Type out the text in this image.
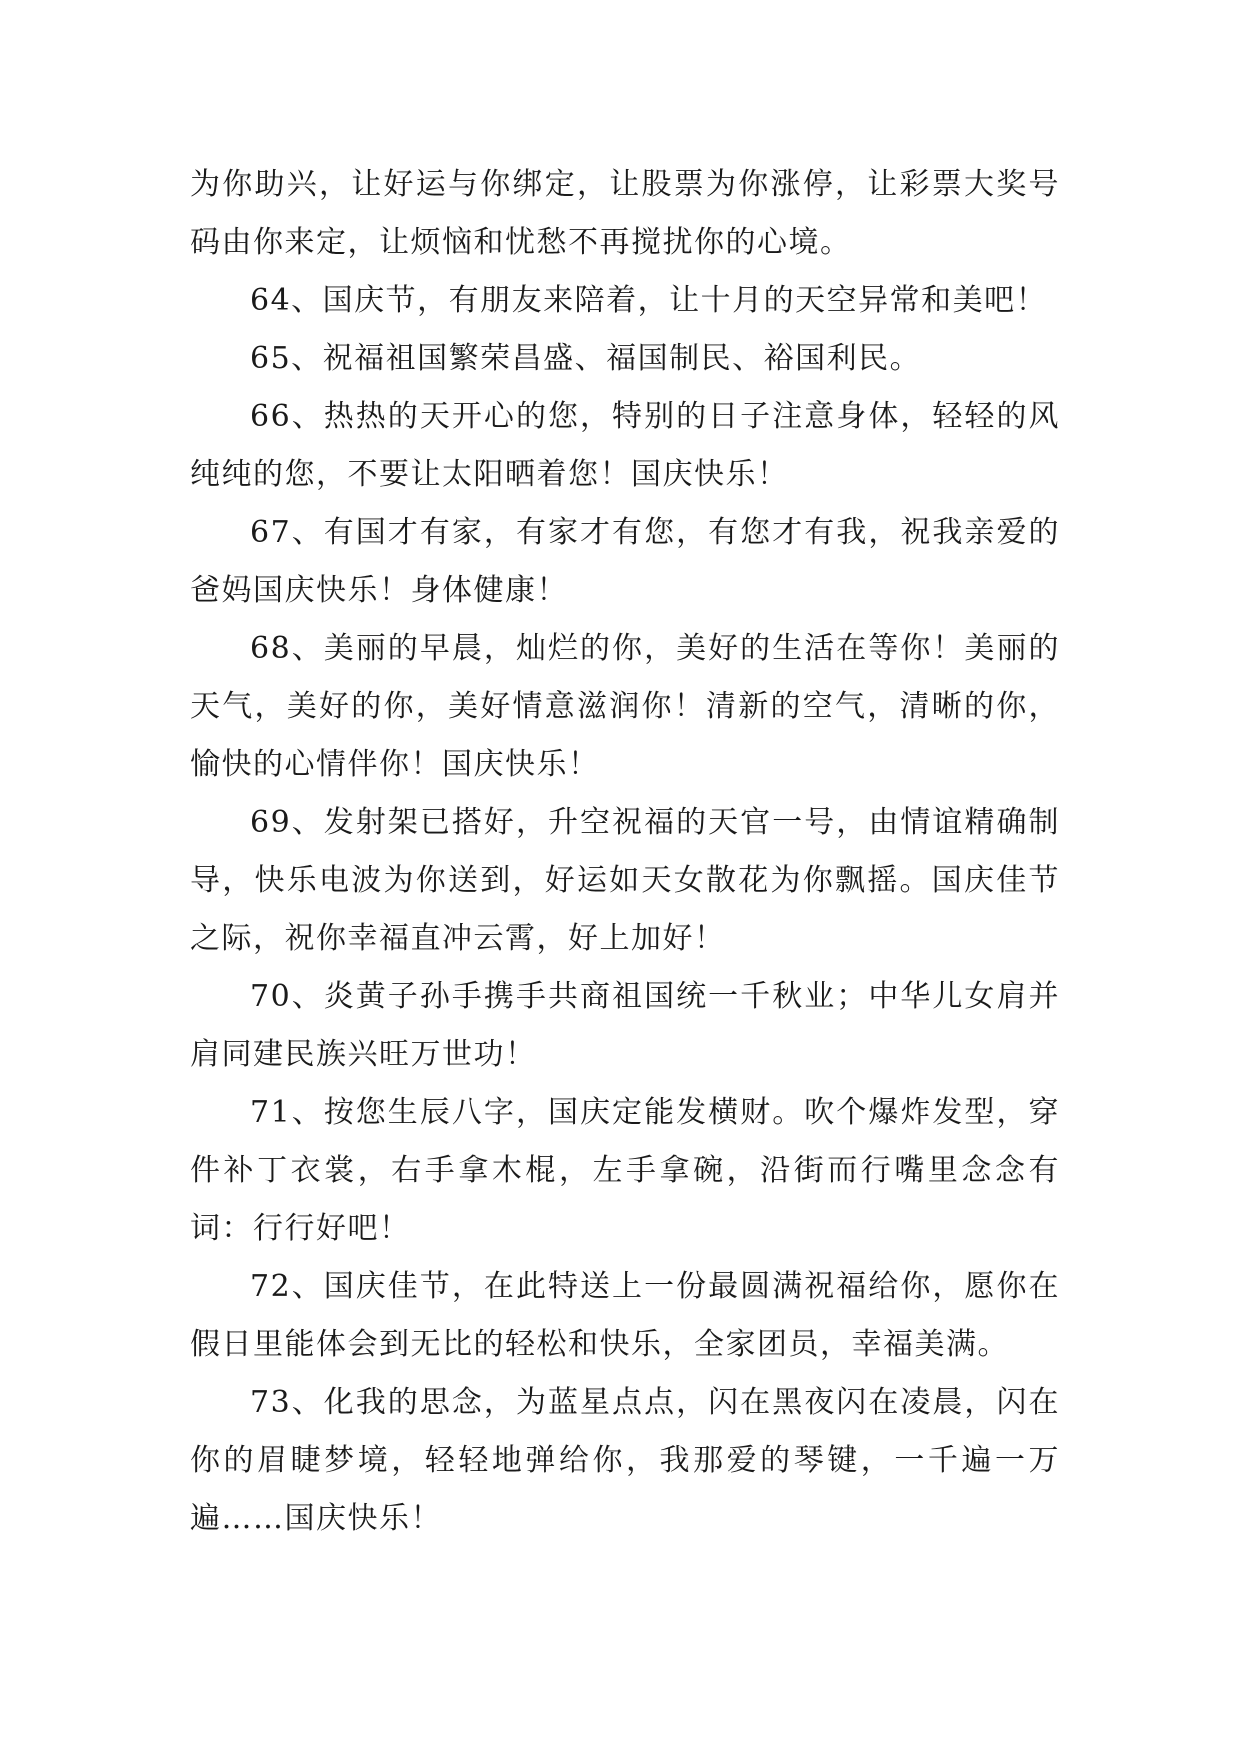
为你助兴，让好运与你绑定，让股票为你涨停，让彩票大奖号码由你来定，让烦恼和忧愁不再搅扰你的心境。

64、国庆节，有朋友来陪着，让十月的天空异常和美吧！

65、祝福祖国繁荣昌盛、福国制民、裕国利民。

66、热热的天开心的您，特别的日子注意身体，轻轻的风纯纯的您，不要让太阳晒着您！国庆快乐！

67、有国才有家，有家才有您，有您才有我，祝我亲爱的爸妈国庆快乐！身体健康！

68、美丽的早晨，灿烂的你，美好的生活在等你！美丽的天气，美好的你，美好情意滋润你！清新的空气，清晰的你，愉快的心情伴你！国庆快乐！

69、发射架已搭好，升空祝福的天官一号，由情谊精确制导，快乐电波为你送到，好运如天女散花为你飘摇。国庆佳节之际，祝你幸福直冲云霄，好上加好！

70、炎黄子孙手携手共商祖国统一千秋业；中华儿女肩并肩同建民族兴旺万世功！

71、按您生辰八字，国庆定能发横财。吹个爆炸发型，穿件补丁衣裳，右手拿木棍，左手拿碗，沿街而行嘴里念念有词：行行好吧！

72、国庆佳节，在此特送上一份最圆满祝福给你，愿你在假日里能体会到无比的轻松和快乐，全家团员，幸福美满。

73、化我的思念，为蓝星点点，闪在黑夜闪在凌晨，闪在你的眉睫梦境，轻轻地弹给你，我那爱的琴键，一千遍一万遍……国庆快乐！
